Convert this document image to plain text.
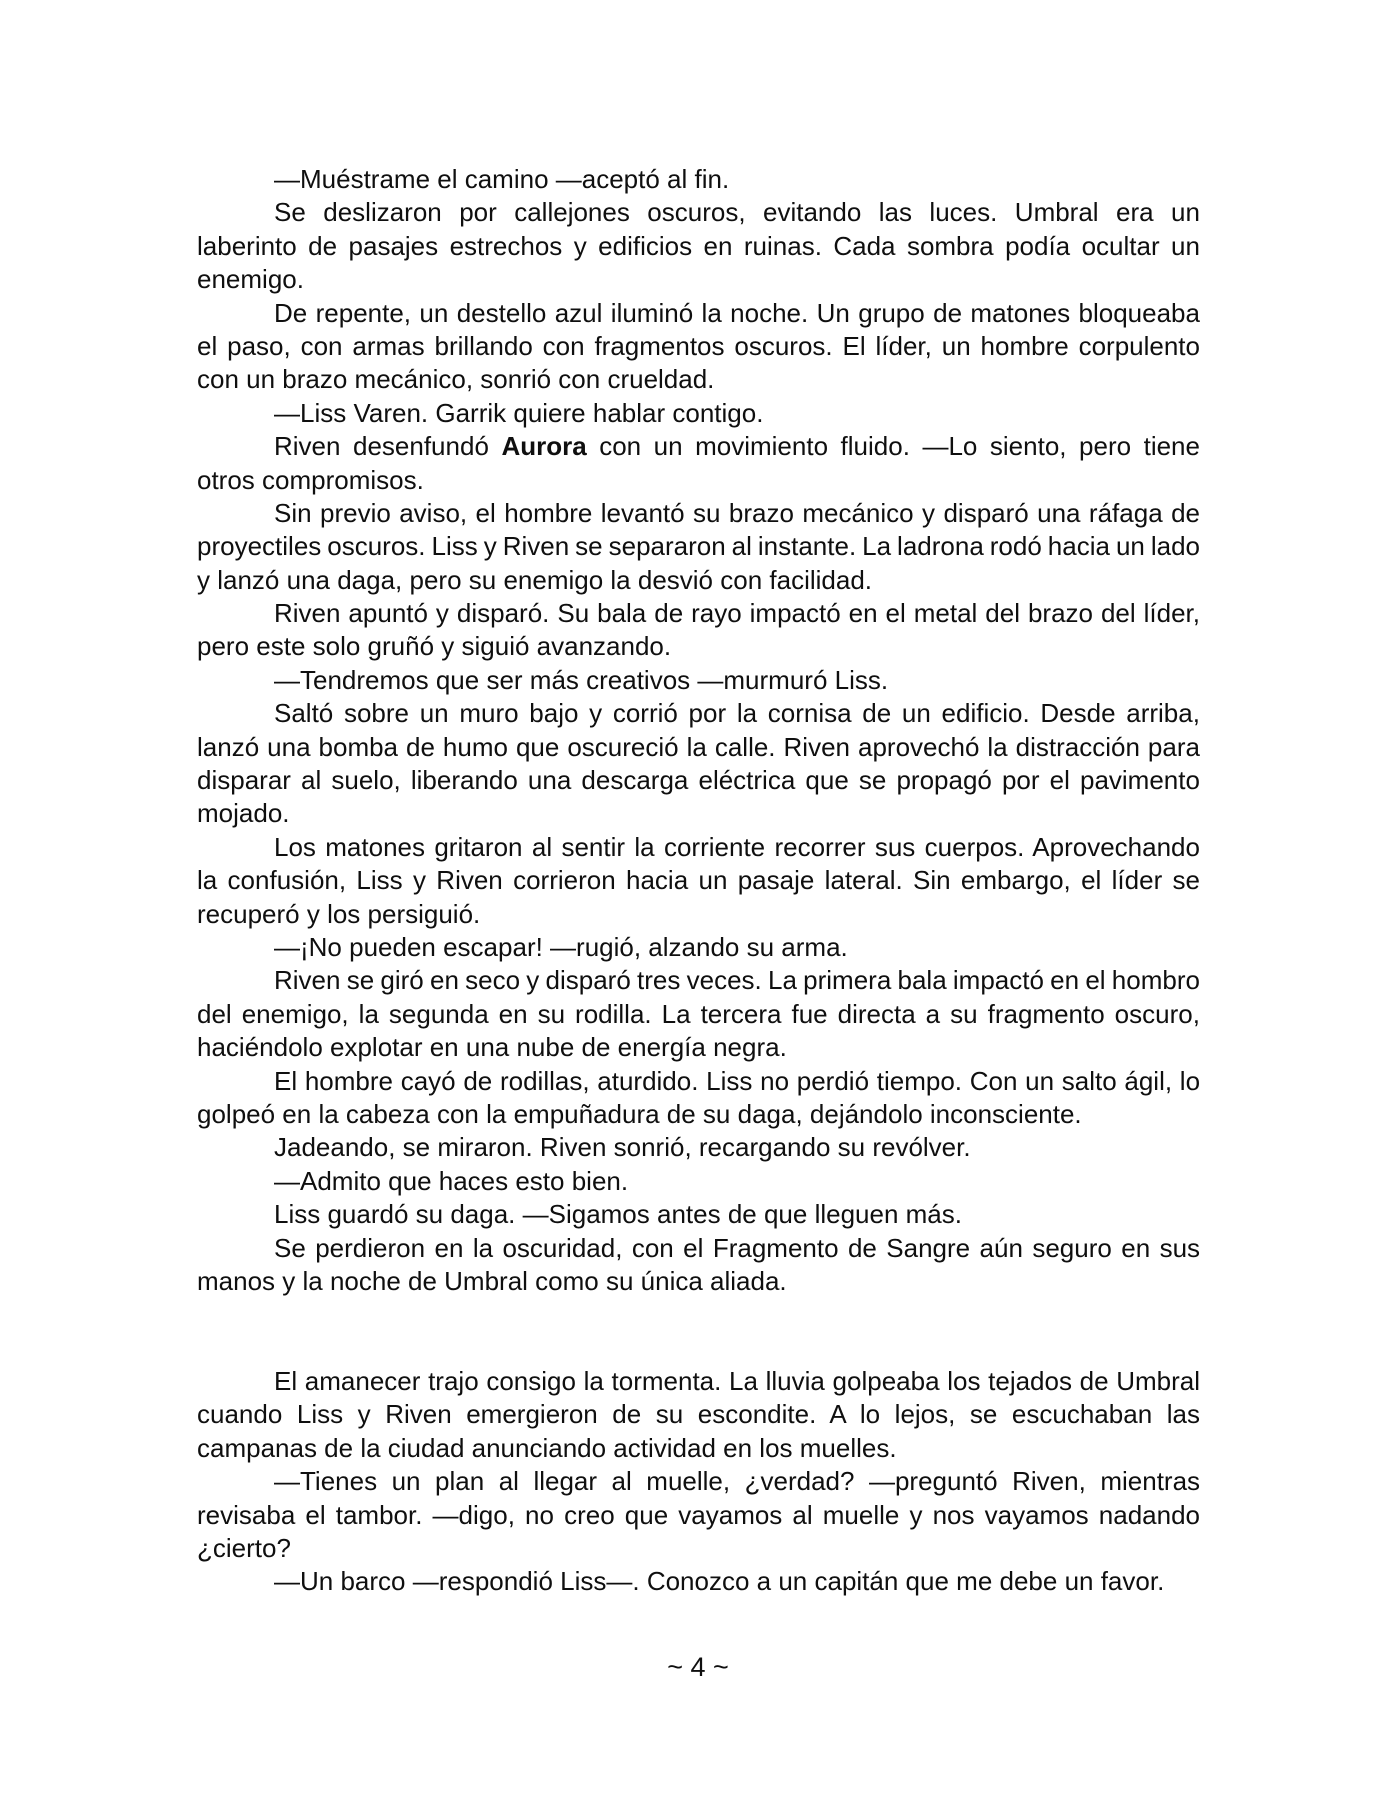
—Muéstrame el camino —aceptó al fin.
Se deslizaron por callejones oscuros, evitando las luces. Umbral era un
laberinto de pasajes estrechos y edificios en ruinas. Cada sombra podía ocultar un
enemigo.
De repente, un destello azul iluminó la noche. Un grupo de matones bloqueaba
el paso, con armas brillando con fragmentos oscuros. El líder, un hombre corpulento
con un brazo mecánico, sonrió con crueldad.
—Liss Varen. Garrik quiere hablar contigo.
Riven desenfundó Aurora con un movimiento fluido. —Lo siento, pero tiene
otros compromisos.
Sin previo aviso, el hombre levantó su brazo mecánico y disparó una ráfaga de
proyectiles oscuros. Liss y Riven se separaron al instante. La ladrona rodó hacia un lado
y lanzó una daga, pero su enemigo la desvió con facilidad.
Riven apuntó y disparó. Su bala de rayo impactó en el metal del brazo del líder,
pero este solo gruñó y siguió avanzando.
—Tendremos que ser más creativos —murmuró Liss.
Saltó sobre un muro bajo y corrió por la cornisa de un edificio. Desde arriba,
lanzó una bomba de humo que oscureció la calle. Riven aprovechó la distracción para
disparar al suelo, liberando una descarga eléctrica que se propagó por el pavimento
mojado.
Los matones gritaron al sentir la corriente recorrer sus cuerpos. Aprovechando
la confusión, Liss y Riven corrieron hacia un pasaje lateral. Sin embargo, el líder se
recuperó y los persiguió.
—¡No pueden escapar! —rugió, alzando su arma.
Riven se giró en seco y disparó tres veces. La primera bala impactó en el hombro
del enemigo, la segunda en su rodilla. La tercera fue directa a su fragmento oscuro,
haciéndolo explotar en una nube de energía negra.
El hombre cayó de rodillas, aturdido. Liss no perdió tiempo. Con un salto ágil, lo
golpeó en la cabeza con la empuñadura de su daga, dejándolo inconsciente.
Jadeando, se miraron. Riven sonrió, recargando su revólver.
—Admito que haces esto bien.
Liss guardó su daga. —Sigamos antes de que lleguen más.
Se perdieron en la oscuridad, con el Fragmento de Sangre aún seguro en sus
manos y la noche de Umbral como su única aliada.
El amanecer trajo consigo la tormenta. La lluvia golpeaba los tejados de Umbral
cuando Liss y Riven emergieron de su escondite. A lo lejos, se escuchaban las
campanas de la ciudad anunciando actividad en los muelles.
—Tienes un plan al llegar al muelle, ¿verdad? —preguntó Riven, mientras
revisaba el tambor. —digo, no creo que vayamos al muelle y nos vayamos nadando
¿cierto?
—Un barco —respondió Liss—. Conozco a un capitán que me debe un favor.
~ 4 ~
